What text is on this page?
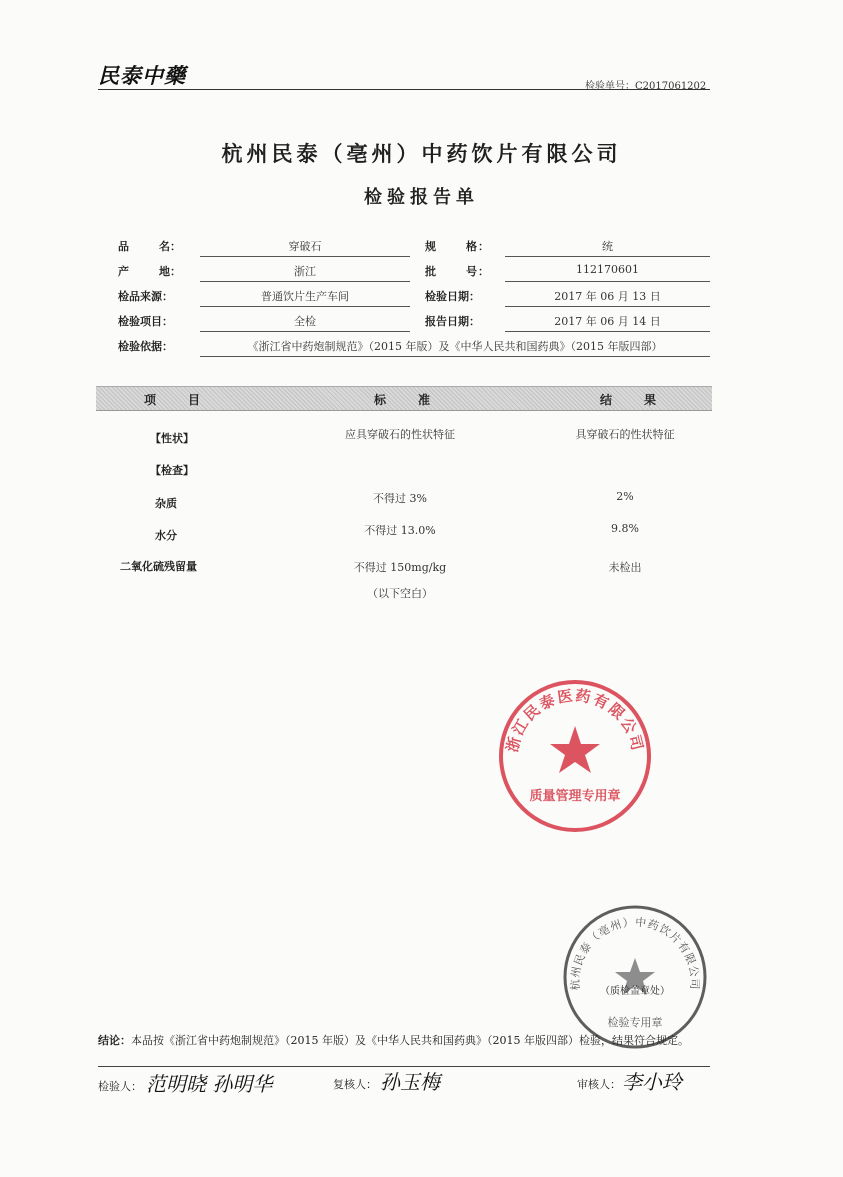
民泰中藥	检验单号：C2017061202
杭州民泰（亳州）中药饮片有限公司
检验报告单
品	名 ：	穿破石	规	格 ：	统
产	地 ：	浙江	批	号 ：	112170601
检品来源：	普通饮片生产车间	检验日期：	2017 年 06 月 13 日
检验项目：	全检	报告日期：	2017 年 06 月 14 日
检验依据：	《浙江省中药炮制规范》（2015 年版）及《中华人民共和国药典》（2015 年版四部）
项　目	标　准	结　果
【性状】	应具穿破石的性状特征	具穿破石的性状特征
【检查】
杂质	不得过 3%	2%
水分	不得过 13.0%	9.8%
二氧化硫残留量	不得过 150mg/kg	未检出
（以下空白）
浙江民泰医药有限公司
质量管理专用章
杭州民泰（亳州）中药饮片有限公司
（质检盖章处）
检验专用章
结论：本品按《浙江省中药炮制规范》（2015 年版）及《中华人民共和国药典》（2015 年版四部）检验，结果符合规定。
检验人： 范明晓 孙明华	复核人： 孙玉梅	审核人： 李小玲
